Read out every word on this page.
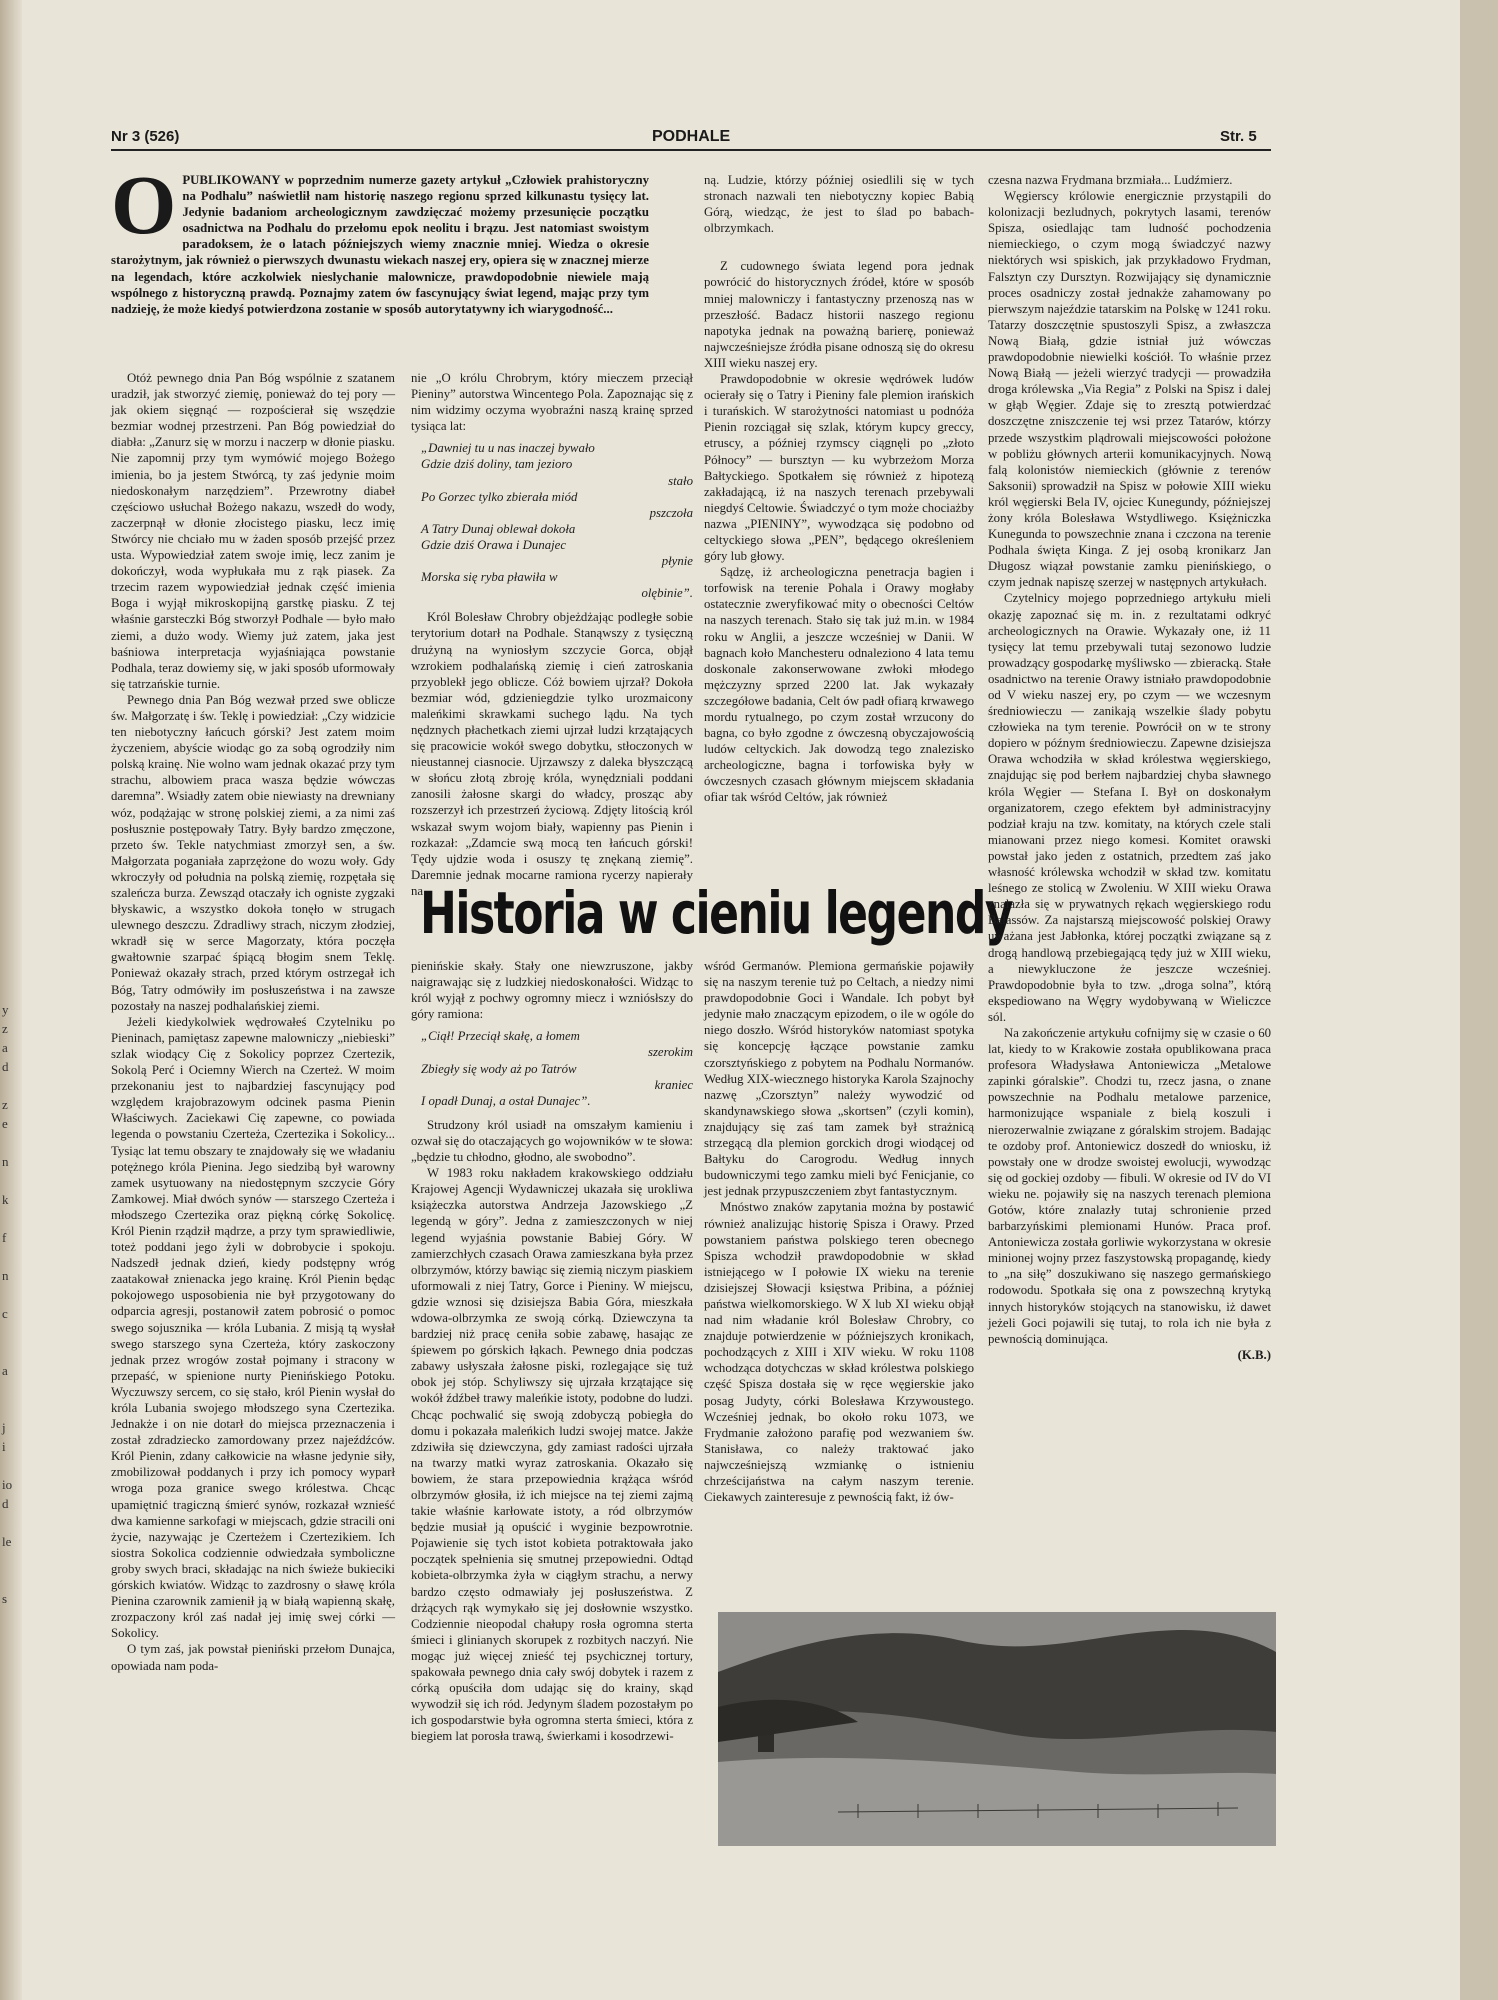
y
z
a
d

z
e

n

k

f

n

c

a

j
i

io
d

le

s
Nr 3 (526)	PODHALE	Str. 5
O PUBLIKOWANY w poprzednim numerze gazety artykuł „Człowiek prahistoryczny na Podhalu” naświetlił nam historię naszego regionu sprzed kilkunastu tysięcy lat. Jedynie badaniom archeologicznym zawdzięczać możemy przesunięcie początku osadnictwa na Podhalu do przełomu epok neolitu i brązu. Jest natomiast swoistym paradoksem, że o latach późniejszych wiemy znacznie mniej. Wiedza o okresie starożytnym, jak również o pierwszych dwunastu wiekach naszej ery, opiera się w znacznej mierze na legendach, które aczkolwiek nieslychanie malownicze, prawdopodobnie niewiele mają wspólnego z historyczną prawdą. Poznajmy zatem ów fascynujący świat legend, mając przy tym nadzieję, że może kiedyś potwierdzona zostanie w sposób autorytatywny ich wiarygodność...

Otóż pewnego dnia Pan Bóg wspólnie z szatanem uradził, jak stworzyć ziemię, ponieważ do tej pory — jak okiem sięgnąć — rozpościerał się wszędzie bezmiar wodnej przestrzeni. Pan Bóg powiedział do diabła: „Zanurz się w morzu i naczerp w dłonie piasku. Nie zapomnij przy tym wymówić mojego Bożego imienia, bo ja jestem Stwórcą, ty zaś jedynie moim niedoskonałym narzędziem”. Przewrotny diabeł częściowo usłuchał Bożego nakazu, wszedł do wody, zaczerpnął w dłonie złocistego piasku, lecz imię Stwórcy nie chciało mu w żaden sposób przejść przez usta. Wypowiedział zatem swoje imię, lecz zanim je dokończył, woda wypłukała mu z rąk piasek. Za trzecim razem wypowiedział jednak część imienia Boga i wyjął mikroskopijną garstkę piasku. Z tej właśnie garsteczki Bóg stworzył Podhale — było mało ziemi, a dużo wody. Wiemy już zatem, jaka jest baśniowa interpretacja wyjaśniająca powstanie Podhala, teraz dowiemy się, w jaki sposób uformowały się tatrzańskie turnie.

Pewnego dnia Pan Bóg wezwał przed swe oblicze św. Małgorzatę i św. Teklę i powiedział: „Czy widzicie ten niebotyczny łańcuch górski? Jest zatem moim życzeniem, abyście wiodąc go za sobą ogrodziły nim polską krainę. Nie wolno wam jednak okazać przy tym strachu, albowiem praca wasza będzie wówczas daremna”. Wsiadły zatem obie niewiasty na drewniany wóz, podążając w stronę polskiej ziemi, a za nimi zaś posłusznie postępowały Tatry. Były bardzo zmęczone, przeto św. Tekle natychmiast zmorzył sen, a św. Małgorzata poganiała zaprzężone do wozu woły. Gdy wkroczyły od południa na polską ziemię, rozpętała się szaleńcza burza. Zewsząd otaczały ich ogniste zygzaki błyskawic, a wszystko dokoła tonęło w strugach ulewnego deszczu. Zdradliwy strach, niczym złodziej, wkradł się w serce Magorzaty, która poczęła gwałtownie szarpać śpiącą błogim snem Teklę. Ponieważ okazały strach, przed którym ostrzegał ich Bóg, Tatry odmówiły im posłuszeństwa i na zawsze pozostały na naszej podhalańskiej ziemi.

Jeżeli kiedykolwiek wędrowałeś Czytelniku po Pieninach, pamiętasz zapewne malowniczy „niebieski” szlak wiodący Cię z Sokolicy poprzez Czertezik, Sokolą Perć i Ociemny Wierch na Czerteż. W moim przekonaniu jest to najbardziej fascynujący pod względem krajobrazowym odcinek pasma Pienin Właściwych. Zaciekawi Cię zapewne, co powiada legenda o powstaniu Czerteża, Czertezika i Sokolicy... Tysiąc lat temu obszary te znajdowały się we władaniu potężnego króla Pienina. Jego siedzibą był warowny zamek usytuowany na niedostępnym szczycie Góry Zamkowej. Miał dwóch synów — starszego Czerteża i młodszego Czertezika oraz piękną córkę Sokolicę. Król Pienin rządził mądrze, a przy tym sprawiedliwie, toteż poddani jego żyli w dobrobycie i spokoju. Nadszedł jednak dzień, kiedy podstępny wróg zaatakował znienacka jego krainę. Król Pienin będąc pokojowego usposobienia nie był przygotowany do odparcia agresji, postanowił zatem pobrosić o pomoc swego sojusznika — króla Lubania. Z misją tą wysłał swego starszego syna Czerteża, który zaskoczony jednak przez wrogów został pojmany i stracony w przepaść, w spienione nurty Pienińskiego Potoku. Wyczuwszy sercem, co się stało, król Pienin wysłał do króla Lubania swojego młodszego syna Czertezika. Jednakże i on nie dotarł do miejsca przeznaczenia i został zdradziecko zamordowany przez najeźdźców. Król Pienin, zdany całkowicie na własne jedynie siły, zmobilizował poddanych i przy ich pomocy wyparł wroga poza granice swego królestwa. Chcąc upamiętnić tragiczną śmierć synów, rozkazał wznieść dwa kamienne sarkofagi w miejscach, gdzie stracili oni życie, nazywając je Czerteżem i Czertezikiem. Ich siostra Sokolica codziennie odwiedzała symboliczne groby swych braci, składając na nich świeże bukieciki górskich kwiatów. Widząc to zazdrosny o sławę króla Pienina czarownik zamienił ją w białą wapienną skałę, zrozpaczony król zaś nadał jej imię swej córki — Sokolicy.

O tym zaś, jak powstał pieniński przełom Dunajca, opowiada nam poda-

nie „O królu Chrobrym, który mieczem przeciął Pieniny” autorstwa Wincentego Pola. Zapoznając się z nim widzimy oczyma wyobraźni naszą krainę sprzed tysiąca lat:

„Dawniej tu u nas inaczej bywało
Gdzie dziś doliny, tam jezioro
stało
Po Gorzec tylko zbierała miód
pszczoła
A Tatry Dunaj oblewał dokoła
Gdzie dziś Orawa i Dunajec
płynie
Morska się ryba pławiła w
olębinie”.

Król Bolesław Chrobry objeżdżając podległe sobie terytorium dotarł na Podhale. Stanąwszy z tysięczną drużyną na wyniosłym szczycie Gorca, objął wzrokiem podhalańską ziemię i cień zatroskania przyoblekł jego oblicze. Cóż bowiem ujrzał? Dokoła bezmiar wód, gdzieniegdzie tylko urozmaicony maleńkimi skrawkami suchego lądu. Na tych nędznych płachetkach ziemi ujrzał ludzi krzątających się pracowicie wokół swego dobytku, stłoczonych w nieustannej ciasnocie. Ujrzawszy z daleka błyszczącą w słońcu złotą zbroję króla, wynędzniali poddani zanosili żałosne skargi do władcy, prosząc aby rozszerzył ich przestrzeń życiową. Zdjęty litością król wskazał swym wojom biały, wapienny pas Pienin i rozkazał: „Zdamcie swą mocą ten łańcuch górski! Tędy ujdzie woda i osuszy tę znękaną ziemię”. Daremnie jednak mocarne ramiona rycerzy napierały na

ną. Ludzie, którzy później osiedlili się w tych stronach nazwali ten niebotyczny kopiec Babią Górą, wiedząc, że jest to ślad po babach-olbrzymkach.

Z cudownego świata legend pora jednak powrócić do historycznych źródeł, które w sposób mniej malowniczy i fantastyczny przenoszą nas w przeszłość. Badacz historii naszego regionu napotyka jednak na poważną barierę, ponieważ najwcześniejsze źródła pisane odnoszą się do okresu XIII wieku naszej ery.

Prawdopodobnie w okresie wędrówek ludów ocierały się o Tatry i Pieniny fale plemion irańskich i turańskich. W starożytności natomiast u podnóża Pienin rozciągał się szlak, którym kupcy greccy, etruscy, a później rzymscy ciągnęli po „złoto Północy” — bursztyn — ku wybrzeżom Morza Bałtyckiego. Spotkałem się również z hipotezą zakładającą, iż na naszych terenach przebywali niegdyś Celtowie. Świadczyć o tym może chociażby nazwa „PIENINY”, wywodząca się podobno od celtyckiego słowa „PEN”, będącego określeniem góry lub głowy.

Sądzę, iż archeologiczna penetracja bagien i torfowisk na terenie Pohala i Orawy mogłaby ostatecznie zweryfikować mity o obecności Celtów na naszych terenach. Stało się tak już m.in. w 1984 roku w Anglii, a jeszcze wcześniej w Danii. W bagnach koło Manchesteru odnaleziono 4 lata temu doskonale zakonserwowane zwłoki młodego mężczyzny sprzed 2200 lat. Jak wykazały szczegółowe badania, Celt ów padł ofiarą krwawego mordu rytualnego, po czym został wrzucony do bagna, co było zgodne z ówczesną obyczajowością ludów celtyckich. Jak dowodzą tego znalezisko archeologiczne, bagna i torfowiska były w ówczesnych czasach głównym miejscem składania ofiar tak wśród Celtów, jak również

Historia w cieniu legendy

pienińskie skały. Stały one niewzruszone, jakby naigrawając się z ludzkiej niedoskonałości. Widząc to król wyjął z pochwy ogromny miecz i wzniósłszy do góry ramiona:

„Ciął! Przeciął skałę, a łomem
szerokim
Zbiegły się wody aż po Tatrów
kraniec
I opadł Dunaj, a ostał Dunajec”.

Strudzony król usiadł na omszałym kamieniu i ozwał się do otaczających go wojowników w te słowa: „będzie tu chłodno, głodno, ale swobodno”.

W 1983 roku nakładem krakowskiego oddziału Krajowej Agencji Wydawniczej ukazała się urokliwa książeczka autorstwa Andrzeja Jazowskiego „Z legendą w góry”. Jedna z zamieszczonych w niej legend wyjaśnia powstanie Babiej Góry. W zamierzchłych czasach Orawa zamieszkana była przez olbrzymów, którzy bawiąc się ziemią niczym piaskiem uformowali z niej Tatry, Gorce i Pieniny. W miejscu, gdzie wznosi się dzisiejsza Babia Góra, mieszkała wdowa-olbrzymka ze swoją córką. Dziewczyna ta bardziej niż pracę ceniła sobie zabawę, hasając ze śpiewem po górskich łąkach. Pewnego dnia podczas zabawy usłyszała żałosne piski, rozlegające się tuż obok jej stóp. Schyliwszy się ujrzała krzątające się wokół źdźbeł trawy maleńkie istoty, podobne do ludzi. Chcąc pochwalić się swoją zdobyczą pobiegła do domu i pokazała maleńkich ludzi swojej matce. Jakże zdziwiła się dziewczyna, gdy zamiast radości ujrzała na twarzy matki wyraz zatroskania. Okazało się bowiem, że stara przepowiednia krążąca wśród olbrzymów głosiła, iż ich miejsce na tej ziemi zajmą takie właśnie karłowate istoty, a ród olbrzymów będzie musiał ją opuścić i wyginie bezpowrotnie. Pojawienie się tych istot kobieta potraktowała jako początek spełnienia się smutnej przepowiedni. Odtąd kobieta-olbrzymka żyła w ciągłym strachu, a nerwy bardzo często odmawiały jej posłuszeństwa. Z drżących rąk wymykało się jej dosłownie wszystko. Codziennie nieopodal chałupy rosła ogromna sterta śmieci i glinianych skorupek z rozbitych naczyń. Nie mogąc już więcej znieść tej psychicznej tortury, spakowała pewnego dnia cały swój dobytek i razem z córką opuściła dom udając się do krainy, skąd wywodził się ich ród. Jedynym śladem pozostałym po ich gospodarstwie była ogromna sterta śmieci, która z biegiem lat porosła trawą, świerkami i kosodrzewi-

wśród Germanów. Plemiona germańskie pojawiły się na naszym terenie tuż po Celtach, a niedzy nimi prawdopodobnie Goci i Wandale. Ich pobyt był jedynie mało znaczącym epizodem, o ile w ogóle do niego doszło. Wśród historyków natomiast spotyka się koncepcję łączące powstanie zamku czorsztyńskiego z pobytem na Podhalu Normanów. Według XIX-wiecznego historyka Karola Szajnochy nazwę „Czorsztyn” należy wywodzić od skandynawskiego słowa „skortsen” (czyli komin), znajdujący się zaś tam zamek był strażnicą strzegącą dla plemion gorckich drogi wiodącej od Bałtyku do Carogrodu. Według innych budowniczymi tego zamku mieli być Fenicjanie, co jest jednak przypuszczeniem zbyt fantastycznym.

Mnóstwo znaków zapytania można by postawić również analizując historię Spisza i Orawy. Przed powstaniem państwa polskiego teren obecnego Spisza wchodził prawdopodobnie w skład istniejącego w I połowie IX wieku na terenie dzisiejszej Słowacji księstwa Pribina, a później państwa wielkomorskiego. W X lub XI wieku objął nad nim władanie król Bolesław Chrobry, co znajduje potwierdzenie w późniejszych kronikach, pochodzących z XIII i XIV wieku. W roku 1108 wchodząca dotychczas w skład królestwa polskiego część Spisza dostała się w ręce węgierskie jako posag Judyty, córki Bolesława Krzywoustego. Wcześniej jednak, bo około roku 1073, we Frydmanie założono parafię pod wezwaniem św. Stanisława, co należy traktować jako najwcześniejszą wzmiankę o istnieniu chrześcijaństwa na całym naszym terenie. Ciekawych zainteresuje z pewnością fakt, iż ów-

czesna nazwa Frydmana brzmiała... Ludźmierz.

Węgierscy królowie energicznie przystąpili do kolonizacji bezludnych, pokrytych lasami, terenów Spisza, osiedlając tam ludność pochodzenia niemieckiego, o czym mogą świadczyć nazwy niektórych wsi spiskich, jak przykładowo Frydman, Falsztyn czy Dursztyn. Rozwijający się dynamicznie proces osadniczy został jednakże zahamowany po pierwszym najeździe tatarskim na Polskę w 1241 roku. Tatarzy doszczętnie spustoszyli Spisz, a zwłaszcza Nową Białą, gdzie istniał już wówczas prawdopodobnie niewielki kościół. To właśnie przez Nową Białą — jeżeli wierzyć tradycji — prowadziła droga królewska „Via Regia” z Polski na Spisz i dalej w głąb Węgier. Zdaje się to zresztą potwierdzać doszczętne zniszczenie tej wsi przez Tatarów, którzy przede wszystkim plądrowali miejscowości położone w pobliżu głównych arterii komunikacyjnych. Nową falą kolonistów niemieckich (głównie z terenów Saksonii) sprowadził na Spisz w połowie XIII wieku król węgierski Bela IV, ojciec Kunegundy, późniejszej żony króla Bolesława Wstydliwego. Księżniczka Kunegunda to powszechnie znana i czczona na terenie Podhala święta Kinga. Z jej osobą kronikarz Jan Długosz wiązał powstanie zamku pienińskiego, o czym jednak napiszę szerzej w następnych artykułach.

Czytelnicy mojego poprzedniego artykułu mieli okazję zapoznać się m. in. z rezultatami odkryć archeologicznych na Orawie. Wykazały one, iż 11 tysięcy lat temu przebywali tutaj sezonowo ludzie prowadzący gospodarkę myśliwsko — zbieracką. Stałe osadnictwo na terenie Orawy istniało prawdopodobnie od V wieku naszej ery, po czym — we wczesnym średniowieczu — zanikają wszelkie ślady pobytu człowieka na tym terenie. Powrócił on w te strony dopiero w późnym średniowieczu. Zapewne dzisiejsza Orawa wchodziła w skład królestwa węgierskiego, znajdując się pod berłem najbardziej chyba sławnego króla Węgier — Stefana I. Był on doskonałym organizatorem, czego efektem był administracyjny podział kraju na tzw. komitaty, na których czele stali mianowani przez niego komesi. Komitet orawski powstał jako jeden z ostatnich, przedtem zaś jako własność królewska wchodził w skład tzw. komitatu leśnego ze stolicą w Zwoleniu. W XIII wieku Orawa znalazła się w prywatnych rękach węgierskiego rodu Balassów. Za najstarszą miejscowość polskiej Orawy uważana jest Jabłonka, której początki związane są z drogą handlową przebiegającą tędy już w XIII wieku, a niewykluczone że jeszcze wcześniej. Prawdopodobnie była to tzw. „droga solna”, którą ekspediowano na Węgry wydobywaną w Wieliczce sól.

Na zakończenie artykułu cofnijmy się w czasie o 60 lat, kiedy to w Krakowie została opublikowana praca profesora Władysława Antoniewicza „Metalowe zapinki góralskie”. Chodzi tu, rzecz jasna, o znane powszechnie na Podhalu metalowe parzenice, harmonizujące wspaniale z bielą koszuli i nierozerwalnie związane z góralskim strojem. Badając te ozdoby prof. Antoniewicz doszedł do wniosku, iż powstały one w drodze swoistej ewolucji, wywodząc się od gockiej ozdoby — fibuli. W okresie od IV do VI wieku ne. pojawiły się na naszych terenach plemiona Gotów, które znalazły tutaj schronienie przed barbarzyńskimi plemionami Hunów. Praca prof. Antoniewicza została gorliwie wykorzystana w okresie minionej wojny przez faszystowską propagandę, kiedy to „na siłę” doszukiwano się naszego germańskiego rodowodu. Spotkała się ona z powszechną krytyką innych historyków stojących na stanowisku, iż dawet jeżeli Goci pojawili się tutaj, to rola ich nie była z pewnością dominująca.

(K.B.)
